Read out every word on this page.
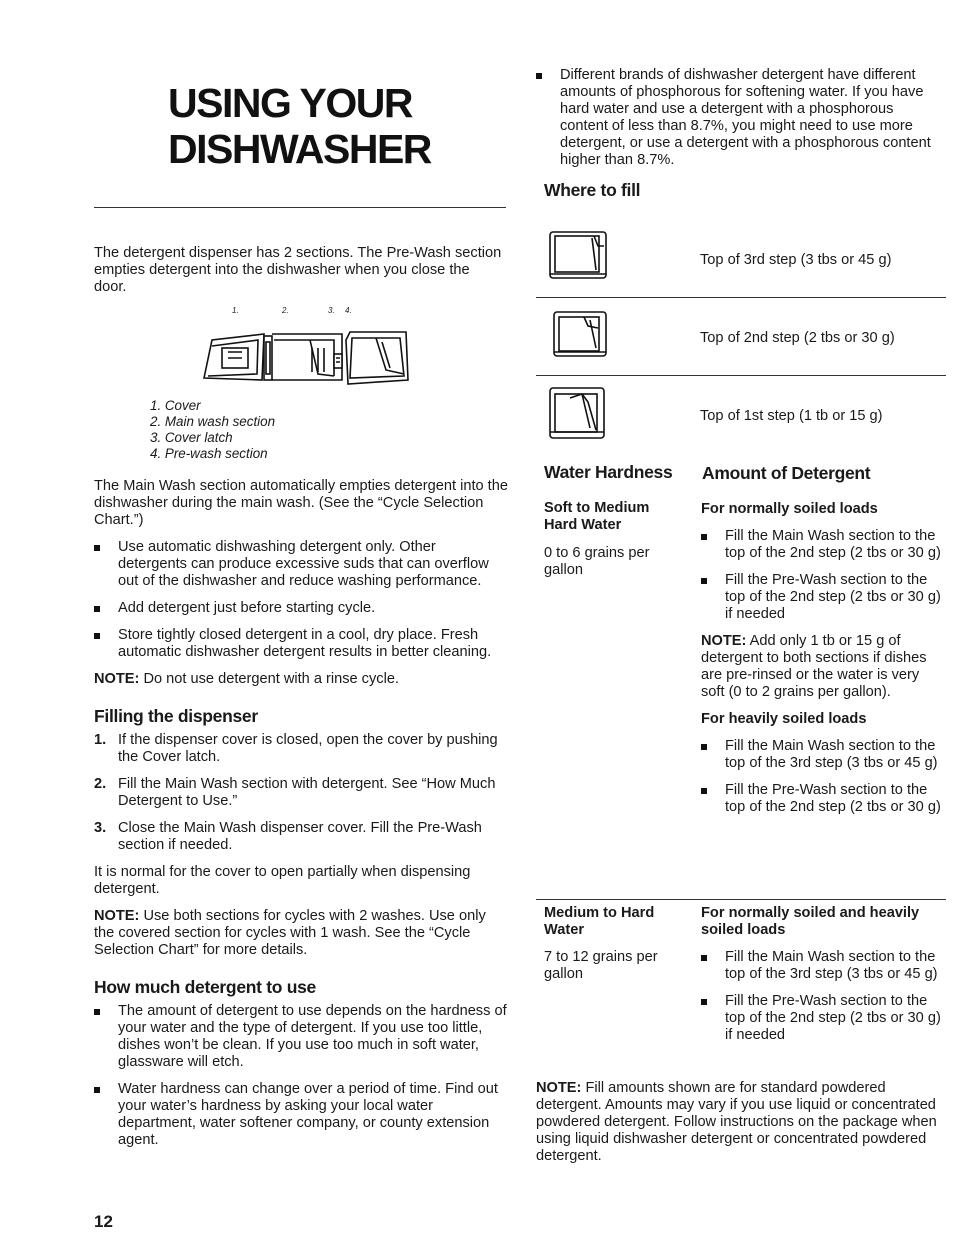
USING YOUR
DISHWASHER
The detergent dispenser has 2 sections. The Pre-Wash section empties detergent into the dishwasher when you close the door.
1.	2.	3. 4.
1. Cover
2. Main wash section
3. Cover latch
4. Pre-wash section

The Main Wash section automatically empties detergent into the dishwasher during the main wash. (See the “Cycle Selection Chart.”)

Use automatic dishwashing detergent only. Other detergents can produce excessive suds that can overflow out of the dishwasher and reduce washing performance.
Add detergent just before starting cycle.
Store tightly closed detergent in a cool, dry place. Fresh automatic dishwasher detergent results in better cleaning.

NOTE: Do not use detergent with a rinse cycle.

Filling the dispenser
1. If the dispenser cover is closed, open the cover by pushing the Cover latch.
2. Fill the Main Wash section with detergent. See “How Much Detergent to Use.”
3. Close the Main Wash dispenser cover. Fill the Pre-Wash section if needed.

It is normal for the cover to open partially when dispensing detergent.

NOTE: Use both sections for cycles with 2 washes. Use only the covered section for cycles with 1 wash. See the “Cycle Selection Chart” for more details.

How much detergent to use
The amount of detergent to use depends on the hardness of your water and the type of detergent. If you use too little, dishes won’t be clean. If you use too much in soft water, glassware will etch.
Water hardness can change over a period of time. Find out your water’s hardness by asking your local water department, water softener company, or county extension agent.
12
Different brands of dishwasher detergent have different amounts of phosphorous for softening water. If you have hard water and use a detergent with a phosphorous content of less than 8.7%, you might need to use more detergent, or use a detergent with a phosphorous content higher than 8.7%.
Where to fill
Top of 3rd step (3 tbs or 45 g)
Top of 2nd step (2 tbs or 30 g)
Top of 1st step (1 tb or 15 g)
Water Hardness Amount of Detergent
Soft to Medium Hard Water
0 to 6 grains per gallon
For normally soiled loads
Fill the Main Wash section to the top of the 2nd step (2 tbs or 30 g)
Fill the Pre-Wash section to the top of the 2nd step (2 tbs or 30 g) if needed

NOTE: Add only 1 tb or 15 g of detergent to both sections if dishes are pre-rinsed or the water is very soft (0 to 2 grains per gallon).

For heavily soiled loads
Fill the Main Wash section to the top of the 3rd step (3 tbs or 45 g)
Fill the Pre-Wash section to the top of the 2nd step (2 tbs or 30 g)
Medium to Hard Water
7 to 12 grains per gallon
For normally soiled and heavily soiled loads
Fill the Main Wash section to the top of the 3rd step (3 tbs or 45 g)
Fill the Pre-Wash section to the top of the 2nd step (2 tbs or 30 g) if needed
NOTE: Fill amounts shown are for standard powdered detergent. Amounts may vary if you use liquid or concentrated powdered detergent. Follow instructions on the package when using liquid dishwasher detergent or concentrated powdered detergent.
